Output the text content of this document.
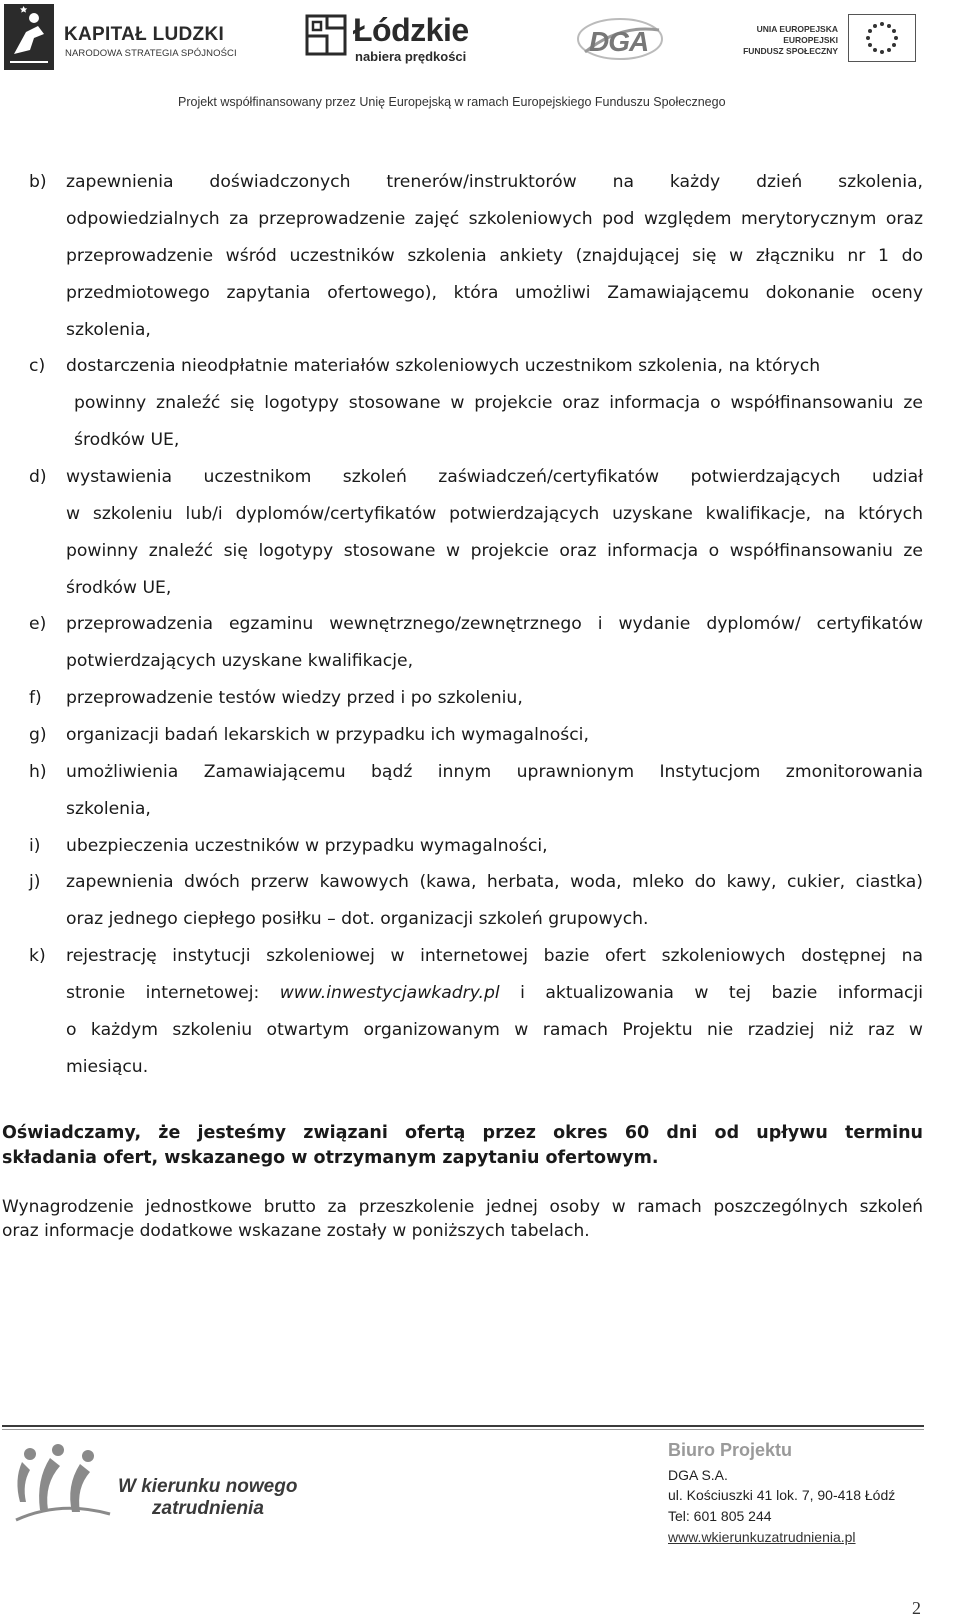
KAPITAŁ LUDZKI
NARODOWA STRATEGIA SPÓJNOŚCI
Łódzkie
nabiera prędkości	DGA	UNIA EUROPEJSKA
EUROPEJSKI
FUNDUSZ SPOŁECZNY
Projekt współfinansowany przez Unię Europejską w ramach Europejskiego Funduszu Społecznego
b) zapewnienia doświadczonych trenerów/instruktorów na każdy dzień szkolenia,
odpowiedzialnych za przeprowadzenie zajęć szkoleniowych pod względem merytorycznym oraz
przeprowadzenie wśród uczestników szkolenia ankiety (znajdującej się w złączniku nr 1 do
przedmiotowego zapytania ofertowego), która umożliwi Zamawiającemu dokonanie oceny
szkolenia,
c) dostarczenia nieodpłatnie materiałów szkoleniowych uczestnikom szkolenia, na których
powinny znaleźć się logotypy stosowane w projekcie oraz informacja o współfinansowaniu ze
środków UE,
d) wystawienia uczestnikom szkoleń zaświadczeń/certyfikatów potwierdzających udział
w szkoleniu lub/i dyplomów/certyfikatów potwierdzających uzyskane kwalifikacje, na których
powinny znaleźć się logotypy stosowane w projekcie oraz informacja o współfinansowaniu ze
środków UE,
e) przeprowadzenia egzaminu wewnętrznego/zewnętrznego i wydanie dyplomów/ certyfikatów
potwierdzających uzyskane kwalifikacje,
f) przeprowadzenie testów wiedzy przed i po szkoleniu,
g) organizacji badań lekarskich w przypadku ich wymagalności,
h) umożliwienia Zamawiającemu bądź innym uprawnionym Instytucjom zmonitorowania
szkolenia,
i) ubezpieczenia uczestników w przypadku wymagalności,
j) zapewnienia dwóch przerw kawowych (kawa, herbata, woda, mleko do kawy, cukier, ciastka)
oraz jednego ciepłego posiłku – dot. organizacji szkoleń grupowych.
k) rejestrację instytucji szkoleniowej w internetowej bazie ofert szkoleniowych dostępnej na
stronie internetowej: www.inwestycjawkadry.pl i aktualizowania w tej bazie informacji
o każdym szkoleniu otwartym organizowanym w ramach Projektu nie rzadziej niż raz w
miesiącu.
Oświadczamy, że jesteśmy związani ofertą przez okres 60 dni od upływu terminu
składania ofert, wskazanego w otrzymanym zapytaniu ofertowym.
Wynagrodzenie jednostkowe brutto za przeszkolenie jednej osoby w ramach poszczególnych szkoleń
oraz informacje dodatkowe wskazane zostały w poniższych tabelach.
W kierunku nowego
zatrudnienia
Biuro Projektu
DGA S.A.
ul. Kościuszki 41 lok. 7, 90-418 Łódź
Tel: 601 805 244
www.wkierunkuzatrudnienia.pl
2
